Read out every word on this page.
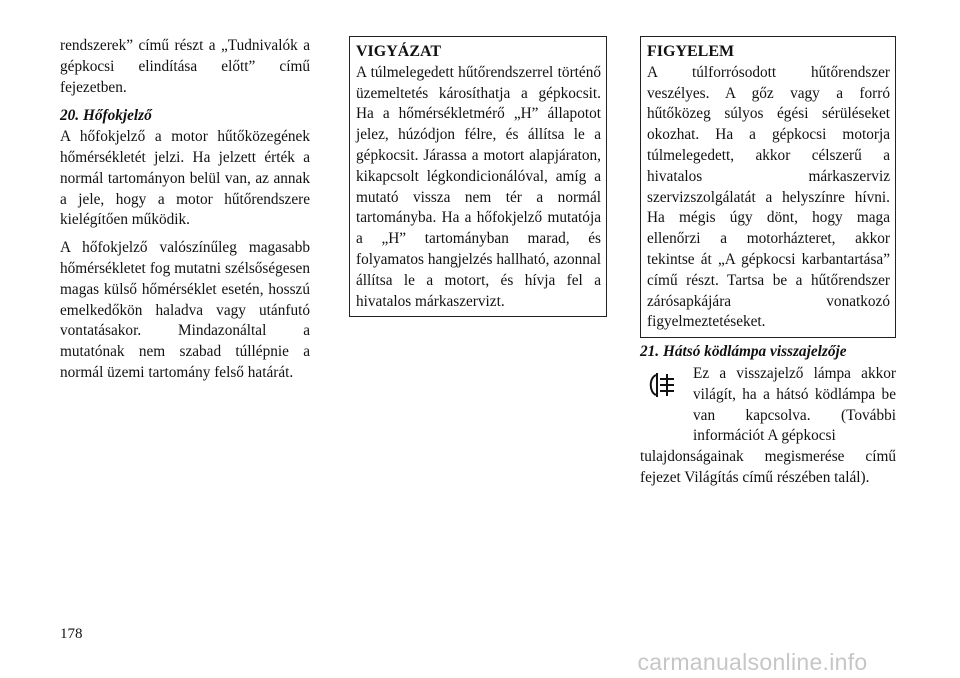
rendszerek” című részt a „Tudnivalók a gépkocsi elindítása előtt” című fejezetben.

20. Hőfokjelző

A hőfokjelző a motor hűtőközegének hőmérsékletét jelzi. Ha jelzett érték a normál tartományon belül van, az annak a jele, hogy a motor hűtőrendszere kielégítően működik.

A hőfokjelző valószínűleg magasabb hőmérsékletet fog mutatni szélsőségesen magas külső hőmérséklet esetén, hosszú emelkedőkön haladva vagy utánfutó vontatásakor. Mindazonáltal a mutatónak nem szabad túllépnie a normál üzemi tartomány felső határát.

VIGYÁZAT

A túlmelegedett hűtőrendszerrel történő üzemeltetés károsíthatja a gépkocsit. Ha a hőmérsékletmérő „H” állapotot jelez, húzódjon félre, és állítsa le a gépkocsit. Járassa a motort alapjáraton, kikapcsolt légkondicionálóval, amíg a mutató vissza nem tér a normál tartományba. Ha a hőfokjelző mutatója a „H” tartományban marad, és folyamatos hangjelzés hallható, azonnal állítsa le a motort, és hívja fel a hivatalos márkaszervizt.

FIGYELEM

A túlforrósodott hűtőrendszer veszélyes. A gőz vagy a forró hűtőközeg súlyos égési sérüléseket okozhat. Ha a gépkocsi motorja túlmelegedett, akkor célszerű a hivatalos márkaszerviz szervizszolgálatát a helyszínre hívni. Ha mégis úgy dönt, hogy maga ellenőrzi a motorházteret, akkor tekintse át „A gépkocsi karbantartása” című részt. Tartsa be a hűtőrendszer zárósapkájára vonatkozó figyelmeztetéseket.

21. Hátsó ködlámpa visszajelzője

Ez a visszajelző lámpa akkor világít, ha a hátsó ködlámpa be van kapcsolva. (További információt A gépkocsi

tulajdonságainak megismerése című fejezet Világítás című részében talál).

178
carmanualsonline.info
